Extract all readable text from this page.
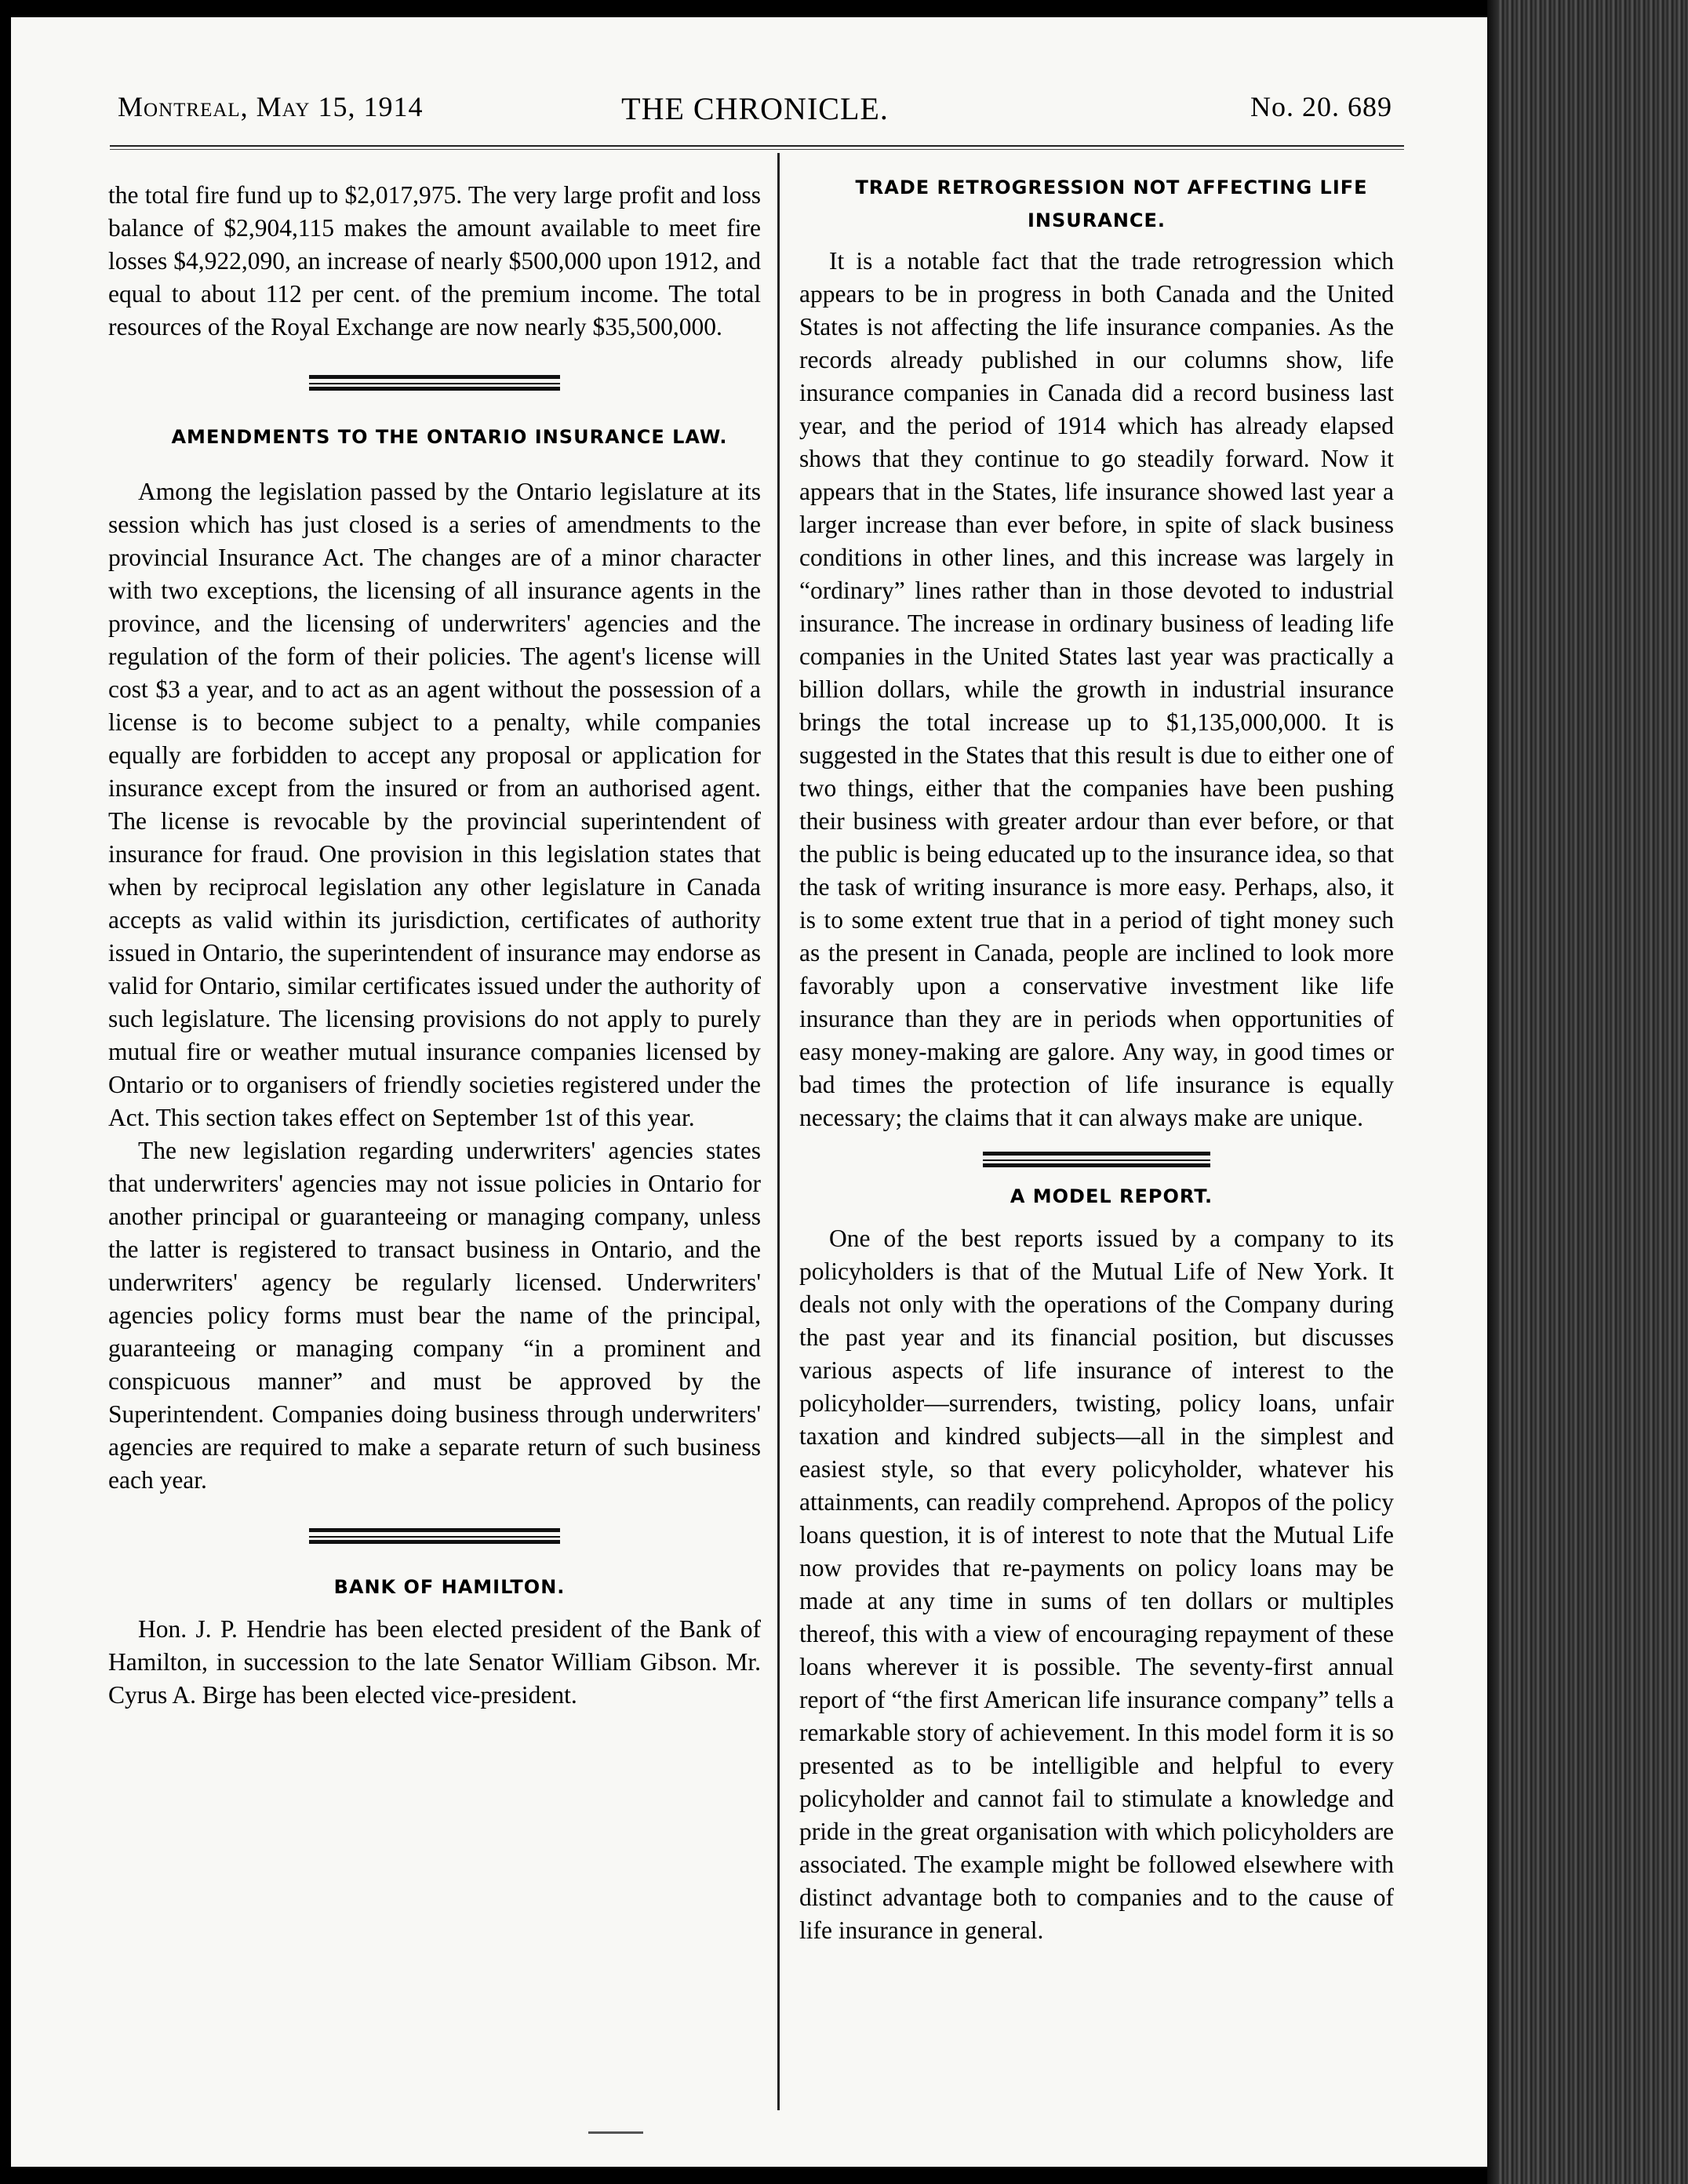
Montreal, May 15, 1914	THE CHRONICLE.	No. 20. 689

the total fire fund up to $2,017,975. The very large profit and loss balance of $2,904,115 makes the amount available to meet fire losses $4,922,090, an increase of nearly $500,000 upon 1912, and equal to about 112 per cent. of the premium income. The total resources of the Royal Exchange are now nearly $35,500,000.

AMENDMENTS TO THE ONTARIO INSURANCE LAW.

Among the legislation passed by the Ontario legislature at its session which has just closed is a series of amendments to the provincial Insurance Act. The changes are of a minor character with two exceptions, the licensing of all insurance agents in the province, and the licensing of underwriters' agencies and the regulation of the form of their policies. The agent's license will cost $3 a year, and to act as an agent without the possession of a license is to become subject to a penalty, while companies equally are forbidden to accept any proposal or application for insurance except from the insured or from an authorised agent. The license is revocable by the provincial superintendent of insurance for fraud. One provision in this legislation states that when by reciprocal legislation any other legislature in Canada accepts as valid within its jurisdiction, certificates of authority issued in Ontario, the superintendent of insurance may endorse as valid for Ontario, similar certificates issued under the authority of such legislature. The licensing provisions do not apply to purely mutual fire or weather mutual insurance companies licensed by Ontario or to organisers of friendly societies registered under the Act. This section takes effect on September 1st of this year.

The new legislation regarding underwriters' agencies states that underwriters' agencies may not issue policies in Ontario for another principal or guaranteeing or managing company, unless the latter is registered to transact business in Ontario, and the underwriters' agency be regularly licensed. Underwriters' agencies policy forms must bear the name of the principal, guaranteeing or managing company “in a prominent and conspicuous manner” and must be approved by the Superintendent. Companies doing business through underwriters' agencies are required to make a separate return of such business each year.

BANK OF HAMILTON.

Hon. J. P. Hendrie has been elected president of the Bank of Hamilton, in succession to the late Senator William Gibson. Mr. Cyrus A. Birge has been elected vice-president.

TRADE RETROGRESSION NOT AFFECTING LIFE INSURANCE.

It is a notable fact that the trade retrogression which appears to be in progress in both Canada and the United States is not affecting the life insurance companies. As the records already published in our columns show, life insurance companies in Canada did a record business last year, and the period of 1914 which has already elapsed shows that they continue to go steadily forward. Now it appears that in the States, life insurance showed last year a larger increase than ever before, in spite of slack business conditions in other lines, and this increase was largely in “ordinary” lines rather than in those devoted to industrial insurance. The increase in ordinary business of leading life companies in the United States last year was practically a billion dollars, while the growth in industrial insurance brings the total increase up to $1,135,000,000. It is suggested in the States that this result is due to either one of two things, either that the companies have been pushing their business with greater ardour than ever before, or that the public is being educated up to the insurance idea, so that the task of writing insurance is more easy. Perhaps, also, it is to some extent true that in a period of tight money such as the present in Canada, people are inclined to look more favorably upon a conservative investment like life insurance than they are in periods when opportunities of easy money-making are galore. Any way, in good times or bad times the protection of life insurance is equally necessary; the claims that it can always make are unique.

A MODEL REPORT.

One of the best reports issued by a company to its policyholders is that of the Mutual Life of New York. It deals not only with the operations of the Company during the past year and its financial position, but discusses various aspects of life insurance of interest to the policyholder—surrenders, twisting, policy loans, unfair taxation and kindred subjects—all in the simplest and easiest style, so that every policyholder, whatever his attainments, can readily comprehend. Apropos of the policy loans question, it is of interest to note that the Mutual Life now provides that re-payments on policy loans may be made at any time in sums of ten dollars or multiples thereof, this with a view of encouraging repayment of these loans wherever it is possible. The seventy-first annual report of “the first American life insurance company” tells a remarkable story of achievement. In this model form it is so presented as to be intelligible and helpful to every policyholder and cannot fail to stimulate a knowledge and pride in the great organisation with which policyholders are associated. The example might be followed elsewhere with distinct advantage both to companies and to the cause of life insurance in general.
